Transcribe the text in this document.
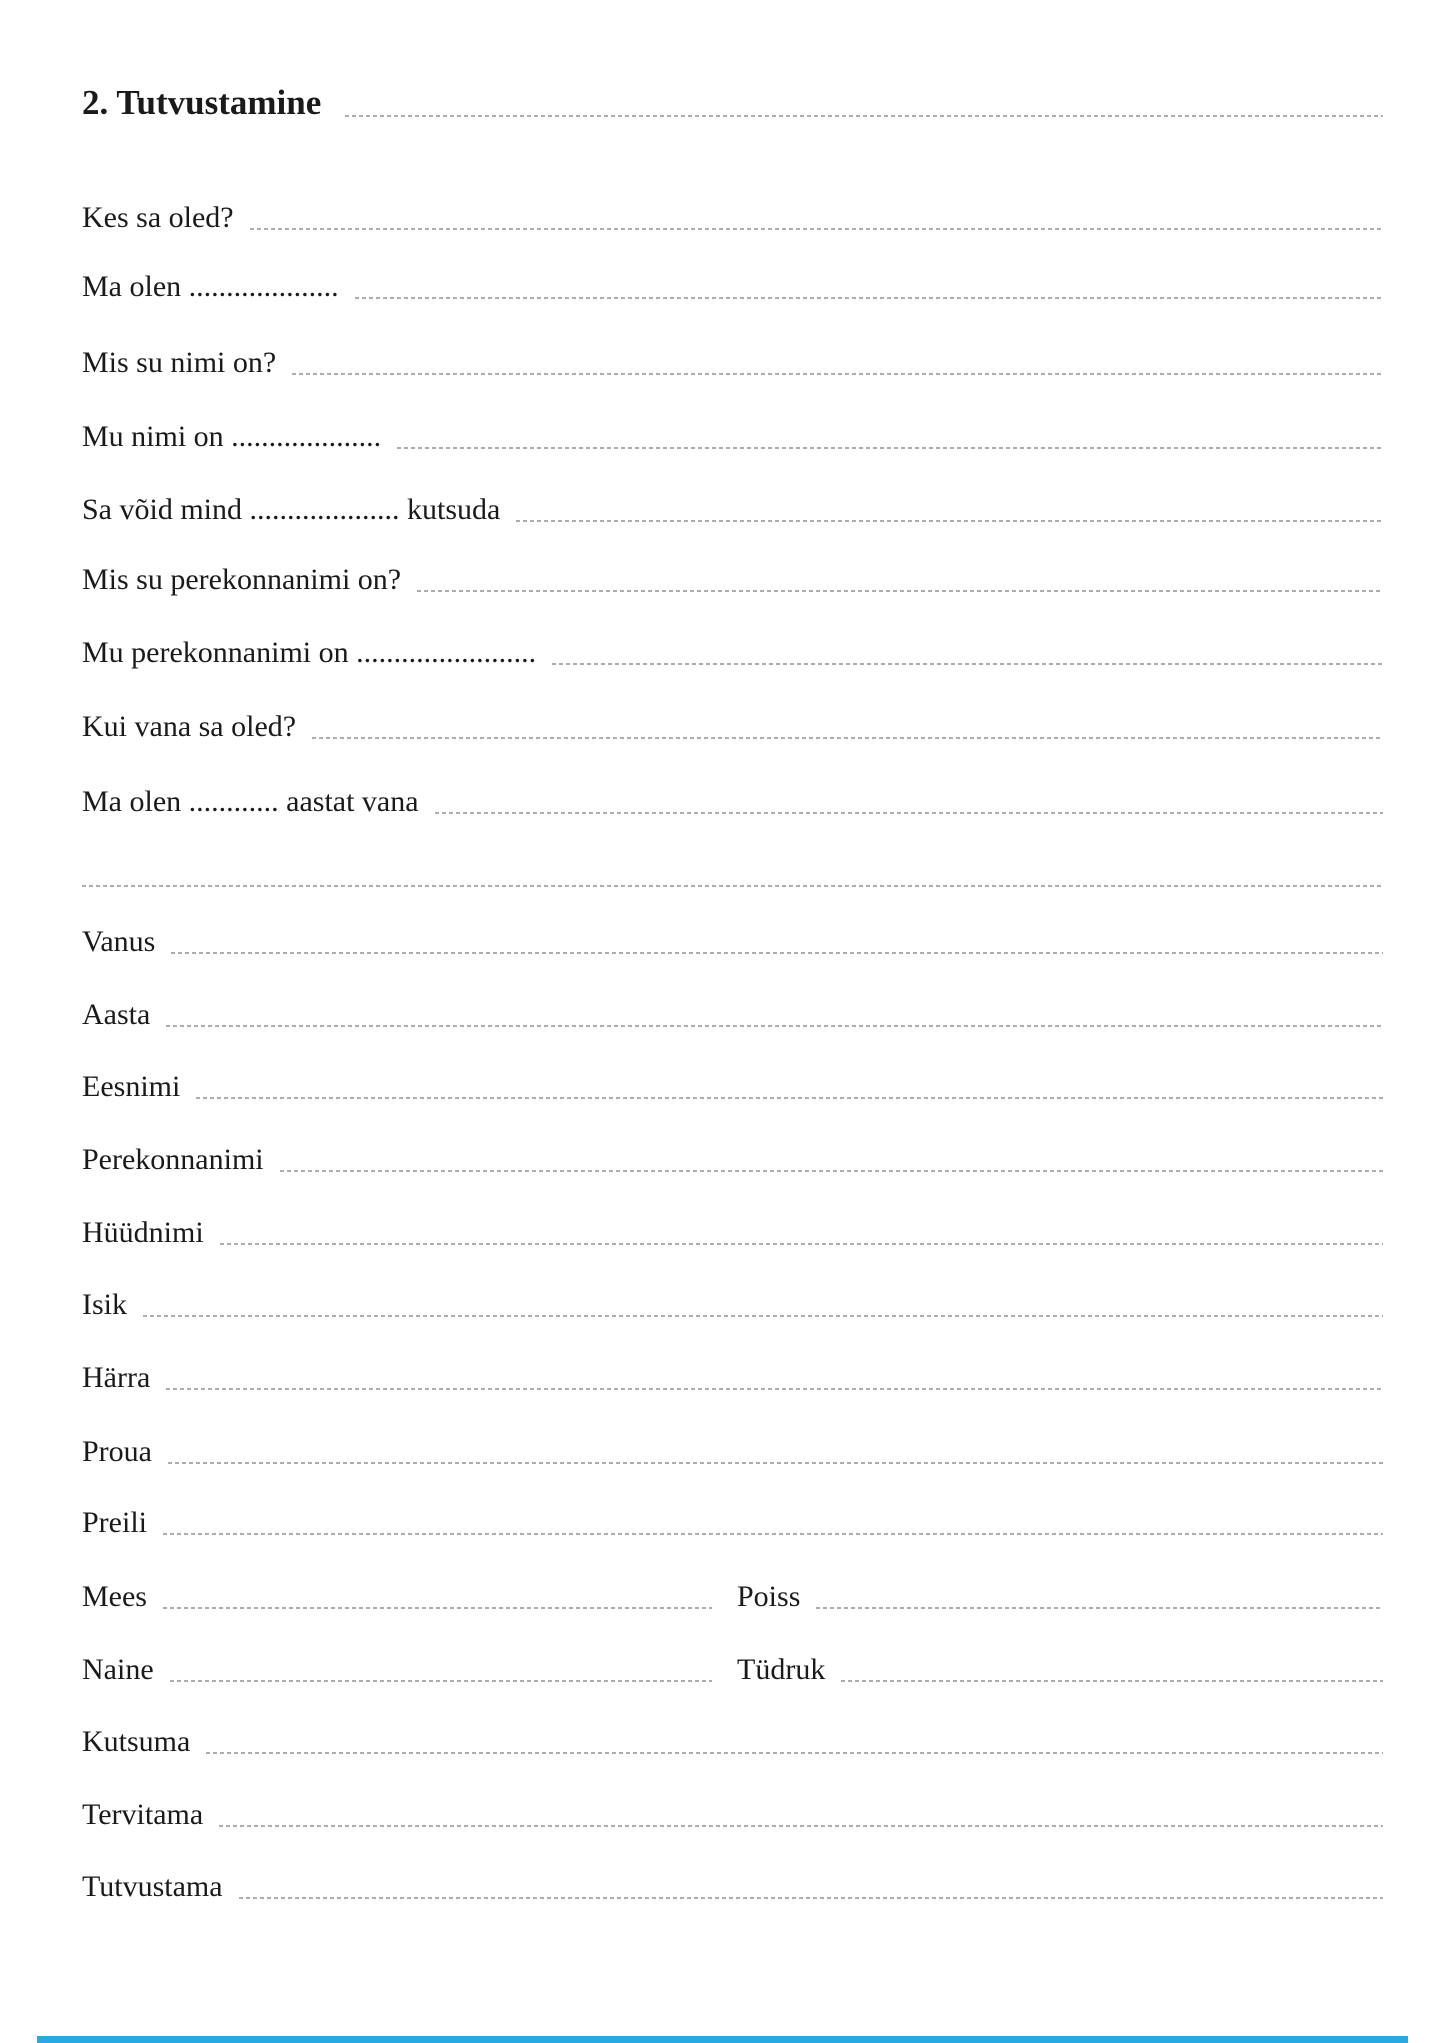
2. Tutvustamine
Kes sa oled?
Ma olen ....................
Mis su nimi on?
Mu nimi on ....................
Sa võid mind .................... kutsuda
Mis su perekonnanimi on?
Mu perekonnanimi on ........................
Kui vana sa oled?
Ma olen ............ aastat vana
Vanus
Aasta
Eesnimi
Perekonnanimi
Hüüdnimi
Isik
Härra
Proua
Preili
Mees	Poiss
Naine	Tüdruk
Kutsuma
Tervitama
Tutvustama
